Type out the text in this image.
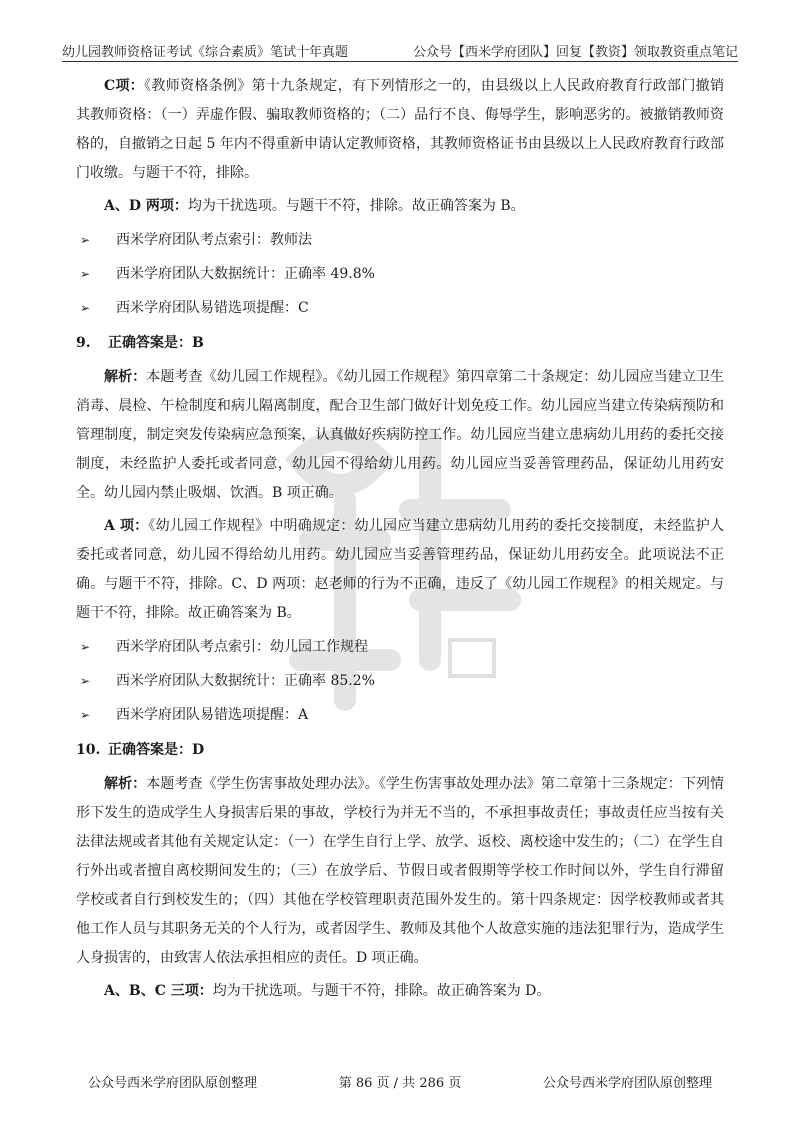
幼儿园教师资格证考试《综合素质》笔试十年真题	公众号【西米学府团队】回复【教资】领取教资重点笔记

C项：《教师资格条例》第十九条规定，有下列情形之一的，由县级以上人民政府教育行政部门撤销其教师资格：（一）弄虚作假、骗取教师资格的；（二）品行不良、侮辱学生，影响恶劣的。被撤销教师资格的，自撤销之日起 5 年内不得重新申请认定教师资格，其教师资格证书由县级以上人民政府教育行政部门收缴。与题干不符，排除。

A、D 两项：均为干扰选项。与题干不符，排除。故正确答案为 B。

➢	西米学府团队考点索引：教师法
➢	西米学府团队大数据统计：正确率 49.8%
➢	西米学府团队易错选项提醒：C
9.	正确答案是：B

解析：本题考查《幼儿园工作规程》。《幼儿园工作规程》第四章第二十条规定：幼儿园应当建立卫生消毒、晨检、午检制度和病儿隔离制度，配合卫生部门做好计划免疫工作。幼儿园应当建立传染病预防和管理制度，制定突发传染病应急预案，认真做好疾病防控工作。幼儿园应当建立患病幼儿用药的委托交接制度，未经监护人委托或者同意，幼儿园不得给幼儿用药。幼儿园应当妥善管理药品，保证幼儿用药安全。幼儿园内禁止吸烟、饮酒。B 项正确。

A 项：《幼儿园工作规程》中明确规定：幼儿园应当建立患病幼儿用药的委托交接制度，未经监护人委托或者同意，幼儿园不得给幼儿用药。幼儿园应当妥善管理药品，保证幼儿用药安全。此项说法不正确。与题干不符，排除。C、D 两项：赵老师的行为不正确，违反了《幼儿园工作规程》的相关规定。与题干不符，排除。故正确答案为 B。

➢	西米学府团队考点索引：幼儿园工作规程
➢	西米学府团队大数据统计：正确率 85.2%
➢	西米学府团队易错选项提醒：A
10. 正确答案是：D

解析：本题考查《学生伤害事故处理办法》。《学生伤害事故处理办法》第二章第十三条规定：下列情形下发生的造成学生人身损害后果的事故，学校行为并无不当的，不承担事故责任；事故责任应当按有关法律法规或者其他有关规定认定：（一）在学生自行上学、放学、返校、离校途中发生的；（二）在学生自行外出或者擅自离校期间发生的；（三）在放学后、节假日或者假期等学校工作时间以外，学生自行滞留学校或者自行到校发生的；（四）其他在学校管理职责范围外发生的。第十四条规定：因学校教师或者其他工作人员与其职务无关的个人行为，或者因学生、教师及其他个人故意实施的违法犯罪行为，造成学生人身损害的，由致害人依法承担相应的责任。D 项正确。

A、B、C 三项：均为干扰选项。与题干不符，排除。故正确答案为 D。

公众号西米学府团队原创整理	第 86 页 / 共 286 页	公众号西米学府团队原创整理
